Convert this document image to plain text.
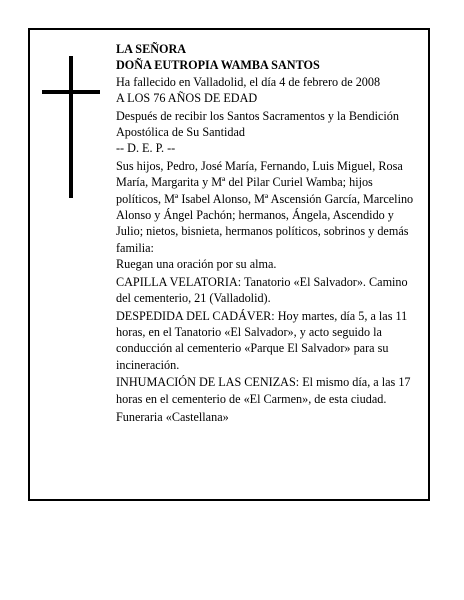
LA SEÑORA
DOÑA EUTROPIA WAMBA SANTOS
Ha fallecido en Valladolid, el día 4 de febrero de 2008

A LOS 76 AÑOS DE EDAD

Después de recibir los Santos Sacramentos y la Bendición Apostólica de Su Santidad

-- D. E. P. --

Sus hijos, Pedro, José María, Fernando, Luis Miguel, Rosa María, Margarita y Mª del Pilar Curiel Wamba; hijos políticos, Mª Isabel Alonso, Mª Ascensión García, Marcelino Alonso y Ángel Pachón; hermanos, Ángela, Ascendido y Julio; nietos, bisnieta, hermanos políticos, sobrinos y demás familia:

Ruegan una oración por su alma.

CAPILLA VELATORIA: Tanatorio «El Salvador». Camino del cementerio, 21 (Valladolid).

DESPEDIDA DEL CADÁVER: Hoy martes, día 5, a las 11 horas, en el Tanatorio «El Salvador», y acto seguido la conducción al cementerio «Parque El Salvador» para su incineración.

INHUMACIÓN DE LAS CENIZAS: El mismo día, a las 17 horas en el cementerio de «El Carmen», de esta ciudad.

Funeraria «Castellana»
